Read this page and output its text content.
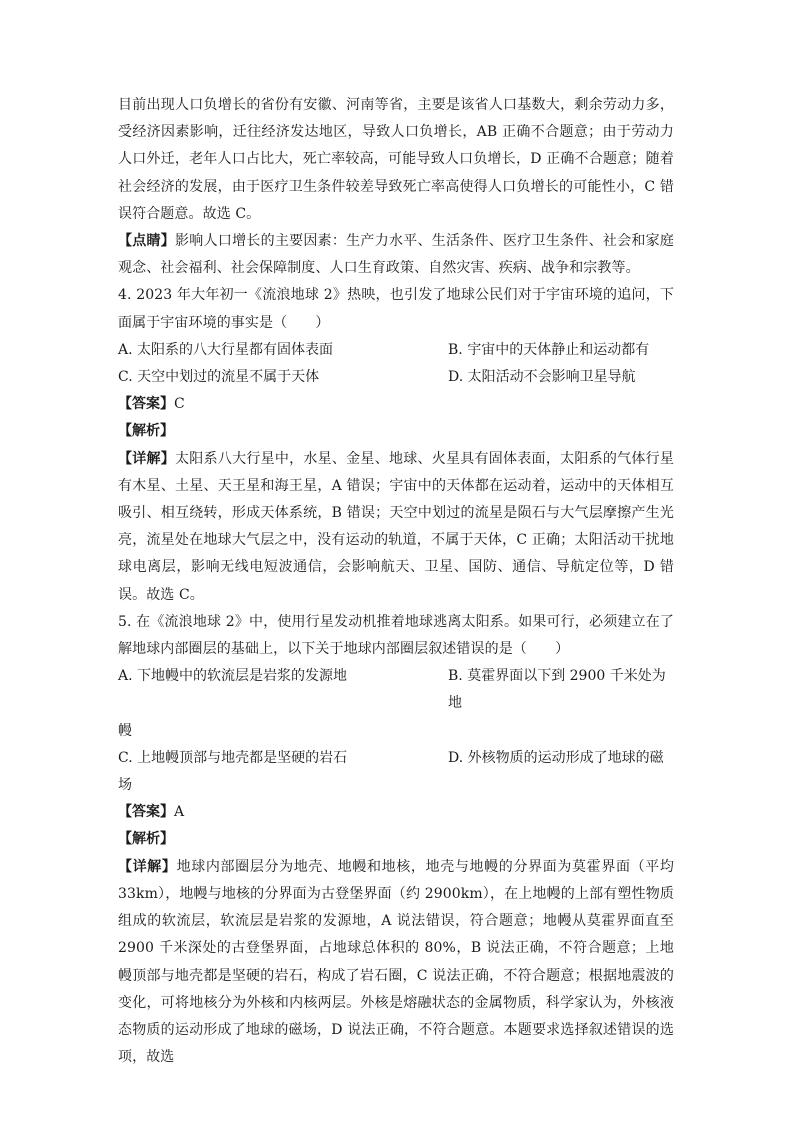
目前出现人口负增长的省份有安徽、河南等省，主要是该省人口基数大，剩余劳动力多，受经济因素影响，迁往经济发达地区，导致人口负增长，AB 正确不合题意；由于劳动力人口外迁，老年人口占比大，死亡率较高，可能导致人口负增长，D 正确不合题意；随着社会经济的发展，由于医疗卫生条件较差导致死亡率高使得人口负增长的可能性小，C 错误符合题意。故选 C。

【点睛】影响人口增长的主要因素：生产力水平、生活条件、医疗卫生条件、社会和家庭观念、社会福利、社会保障制度、人口生育政策、自然灾害、疾病、战争和宗教等。

4. 2023 年大年初一《流浪地球 2》热映，也引发了地球公民们对于宇宙环境的追问，下面属于宇宙环境的事实是（　　）

A. 太阳系的八大行星都有固体表面	B. 宇宙中的天体静止和运动都有
C. 天空中划过的流星不属于天体	D. 太阳活动不会影响卫星导航

【答案】C

【解析】

【详解】太阳系八大行星中，水星、金星、地球、火星具有固体表面，太阳系的气体行星有木星、土星、天王星和海王星，A 错误；宇宙中的天体都在运动着，运动中的天体相互吸引、相互绕转，形成天体系统，B 错误；天空中划过的流星是陨石与大气层摩擦产生光亮，流星处在地球大气层之中，没有运动的轨道，不属于天体，C 正确；太阳活动干扰地球电离层，影响无线电短波通信，会影响航天、卫星、国防、通信、导航定位等，D 错误。故选 C。

5. 在《流浪地球 2》中，使用行星发动机推着地球逃离太阳系。如果可行，必须建立在了解地球内部圈层的基础上，以下关于地球内部圈层叙述错误的是（　　）

A. 下地幔中的软流层是岩浆的发源地	B. 莫霍界面以下到 2900 千米处为地

幔

C. 上地幔顶部与地壳都是坚硬的岩石	D. 外核物质的运动形成了地球的磁

场

【答案】A

【解析】

【详解】地球内部圈层分为地壳、地幔和地核，地壳与地幔的分界面为莫霍界面（平均 33km），地幔与地核的分界面为古登堡界面（约 2900km），在上地幔的上部有塑性物质组成的软流层，软流层是岩浆的发源地，A 说法错误，符合题意；地幔从莫霍界面直至 2900 千米深处的古登堡界面，占地球总体积的 80%，B 说法正确，不符合题意；上地幔顶部与地壳都是坚硬的岩石，构成了岩石圈，C 说法正确，不符合题意；根据地震波的变化，可将地核分为外核和内核两层。外核是熔融状态的金属物质，科学家认为，外核液态物质的运动形成了地球的磁场，D 说法正确，不符合题意。本题要求选择叙述错误的选项，故选
